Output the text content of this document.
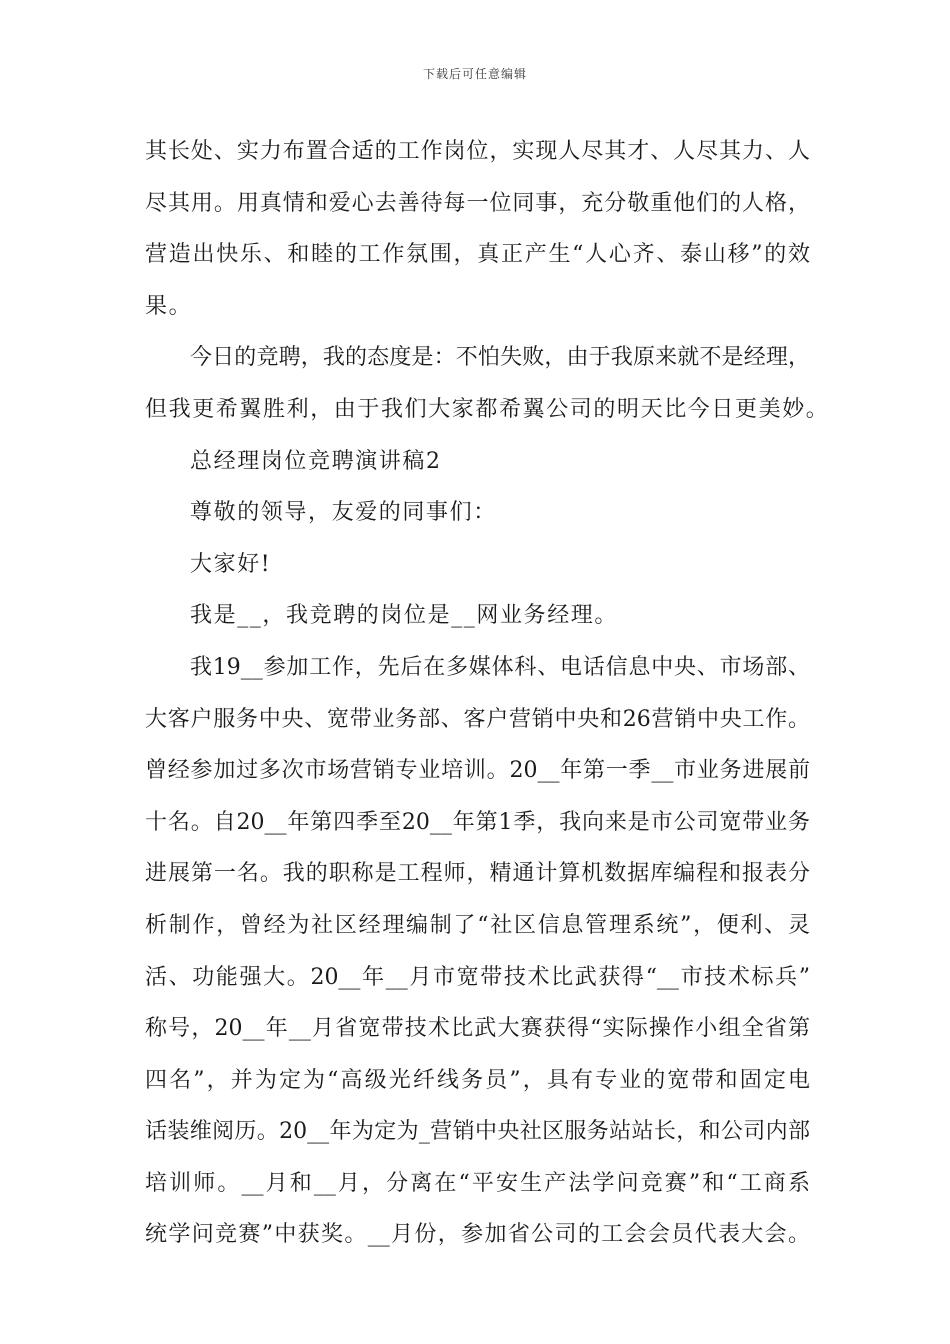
下载后可任意编辑
其长处、实力布置合适的工作岗位，实现人尽其才、人尽其力、人
尽其用。用真情和爱心去善待每一位同事，充分敬重他们的人格，
营造出快乐、和睦的工作氛围，真正产生“人心齐、泰山移”的效
果。
今日的竞聘，我的态度是：不怕失败，由于我原来就不是经理，
但我更希翼胜利，由于我们大家都希翼公司的明天比今日更美妙。
总经理岗位竞聘演讲稿2
尊敬的领导，友爱的同事们：
大家好!
我是__，我竞聘的岗位是__网业务经理。
我19__参加工作，先后在多媒体科、电话信息中央、市场部、
大客户服务中央、宽带业务部、客户营销中央和26营销中央工作。
曾经参加过多次市场营销专业培训。20__年第一季__市业务进展前
十名。自20__年第四季至20__年第1季，我向来是市公司宽带业务
进展第一名。我的职称是工程师，精通计算机数据库编程和报表分
析制作，曾经为社区经理编制了“社区信息管理系统”，便利、灵
活、功能强大。20__年__月市宽带技术比武获得“__市技术标兵”
称号，20__年__月省宽带技术比武大赛获得“实际操作小组全省第
四名”，并为定为“高级光纤线务员”，具有专业的宽带和固定电
话装维阅历。20__年为定为_营销中央社区服务站站长，和公司内部
培训师。__月和__月，分离在“平安生产法学问竞赛”和“工商系
统学问竞赛”中获奖。__月份，参加省公司的工会会员代表大会。
